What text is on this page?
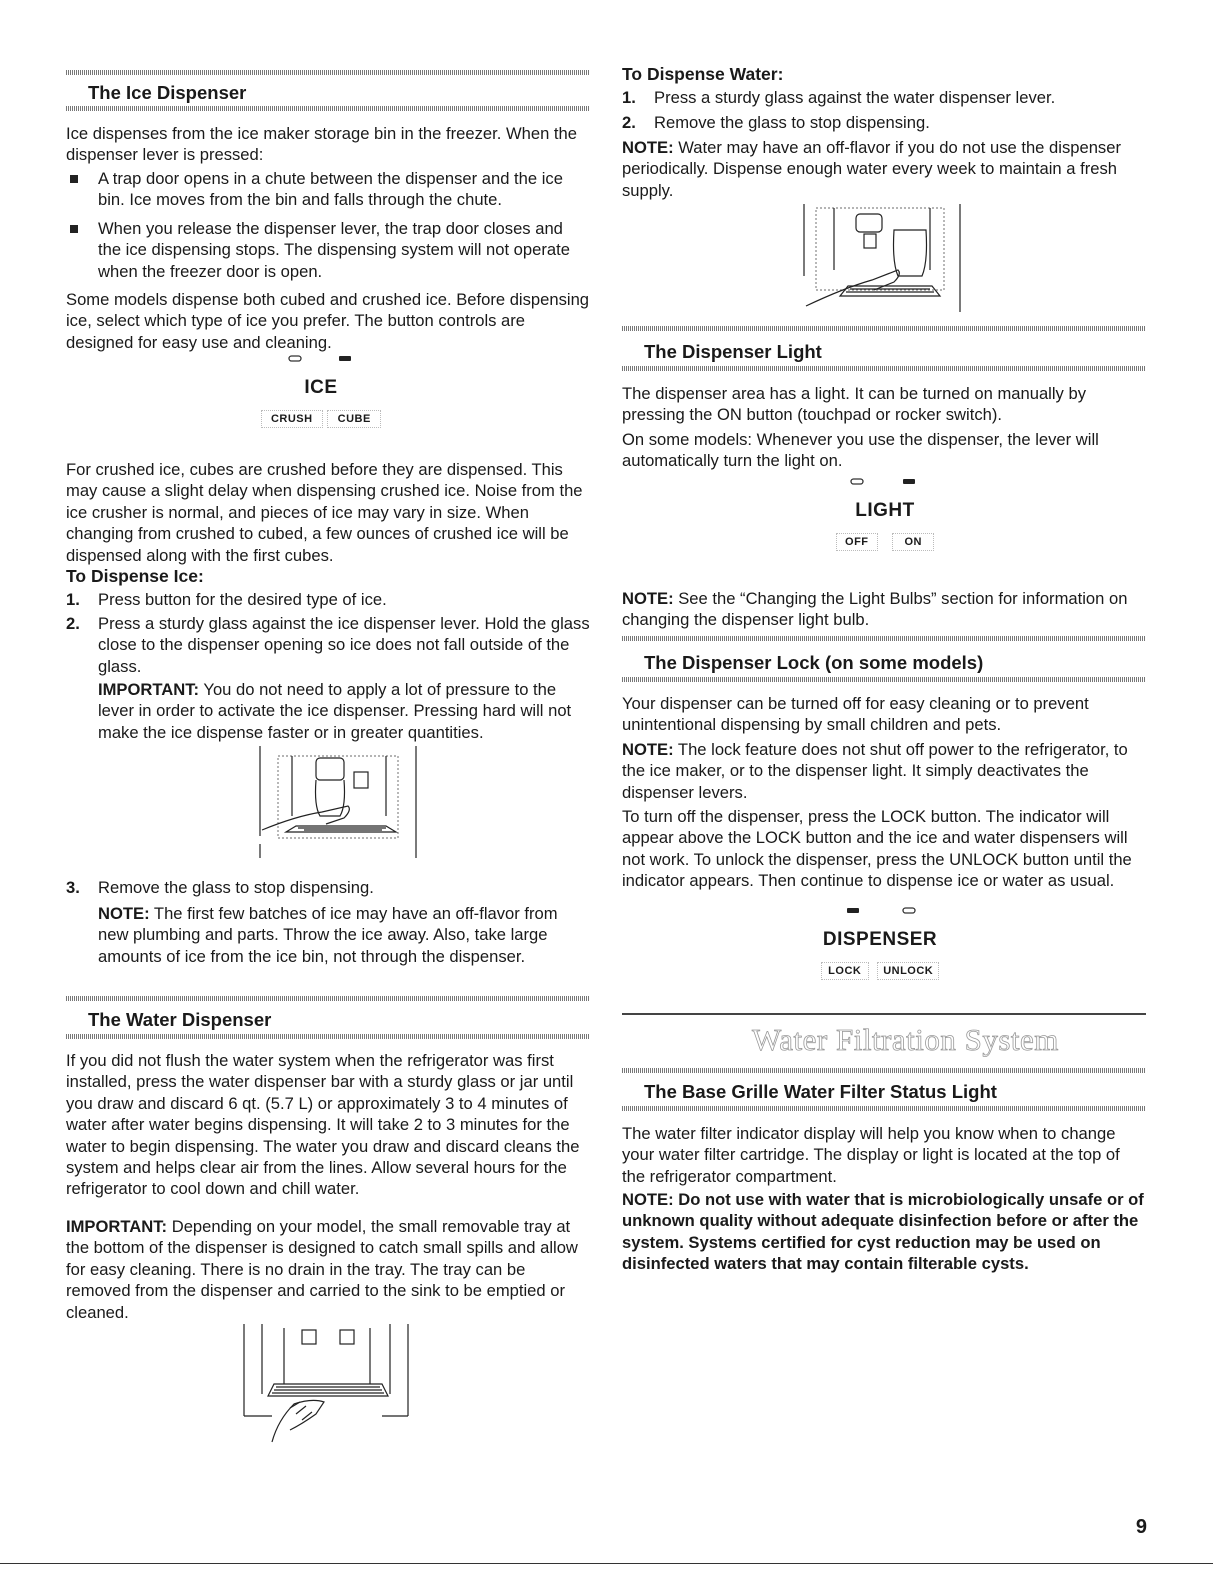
The Ice Dispenser

Ice dispenses from the ice maker storage bin in the freezer. When the dispenser lever is pressed:

A trap door opens in a chute between the dispenser and the ice bin. Ice moves from the bin and falls through the chute.

When you release the dispenser lever, the trap door closes and the ice dispensing stops. The dispensing system will not operate when the freezer door is open.

Some models dispense both cubed and crushed ice. Before dispensing ice, select which type of ice you prefer. The button controls are designed for easy use and cleaning.

ICE
CRUSH CUBE

For crushed ice, cubes are crushed before they are dispensed. This may cause a slight delay when dispensing crushed ice. Noise from the ice crusher is normal, and pieces of ice may vary in size. When changing from crushed to cubed, a few ounces of crushed ice will be dispensed along with the first cubes.

To Dispense Ice:
1. Press button for the desired type of ice.

2. Press a sturdy glass against the ice dispenser lever. Hold the glass close to the dispenser opening so ice does not fall outside of the glass.

IMPORTANT: You do not need to apply a lot of pressure to the lever in order to activate the ice dispenser. Pressing hard will not make the ice dispense faster or in greater quantities.

3. Remove the glass to stop dispensing.

NOTE: The first few batches of ice may have an off-flavor from new plumbing and parts. Throw the ice away. Also, take large amounts of ice from the ice bin, not through the dispenser.

The Water Dispenser

If you did not flush the water system when the refrigerator was first installed, press the water dispenser bar with a sturdy glass or jar until you draw and discard 6 qt. (5.7 L) or approximately 3 to 4 minutes of water after water begins dispensing. It will take 2 to 3 minutes for the water to begin dispensing. The water you draw and discard cleans the system and helps clear air from the lines. Allow several hours for the refrigerator to cool down and chill water.

IMPORTANT: Depending on your model, the small removable tray at the bottom of the dispenser is designed to catch small spills and allow for easy cleaning. There is no drain in the tray. The tray can be removed from the dispenser and carried to the sink to be emptied or cleaned.

To Dispense Water:
1. Press a sturdy glass against the water dispenser lever.

2. Remove the glass to stop dispensing.

NOTE: Water may have an off-flavor if you do not use the dispenser periodically. Dispense enough water every week to maintain a fresh supply.

The Dispenser Light

The dispenser area has a light. It can be turned on manually by pressing the ON button (touchpad or rocker switch).

On some models: Whenever you use the dispenser, the lever will automatically turn the light on.

LIGHT
OFF	ON

NOTE: See the “Changing the Light Bulbs” section for information on changing the dispenser light bulb.

The Dispenser Lock (on some models)

Your dispenser can be turned off for easy cleaning or to prevent unintentional dispensing by small children and pets.

NOTE: The lock feature does not shut off power to the refrigerator, to the ice maker, or to the dispenser light. It simply deactivates the dispenser levers.

To turn off the dispenser, press the LOCK button. The indicator will appear above the LOCK button and the ice and water dispensers will not work. To unlock the dispenser, press the UNLOCK button until the indicator appears. Then continue to dispense ice or water as usual.

DISPENSER
LOCK UNLOCK
Water Filtration System
The Base Grille Water Filter Status Light

The water filter indicator display will help you know when to change your water filter cartridge. The display or light is located at the top of the refrigerator compartment.

NOTE: Do not use with water that is microbiologically unsafe or of unknown quality without adequate disinfection before or after the system. Systems certified for cyst reduction may be used on disinfected waters that may contain filterable cysts.

9
